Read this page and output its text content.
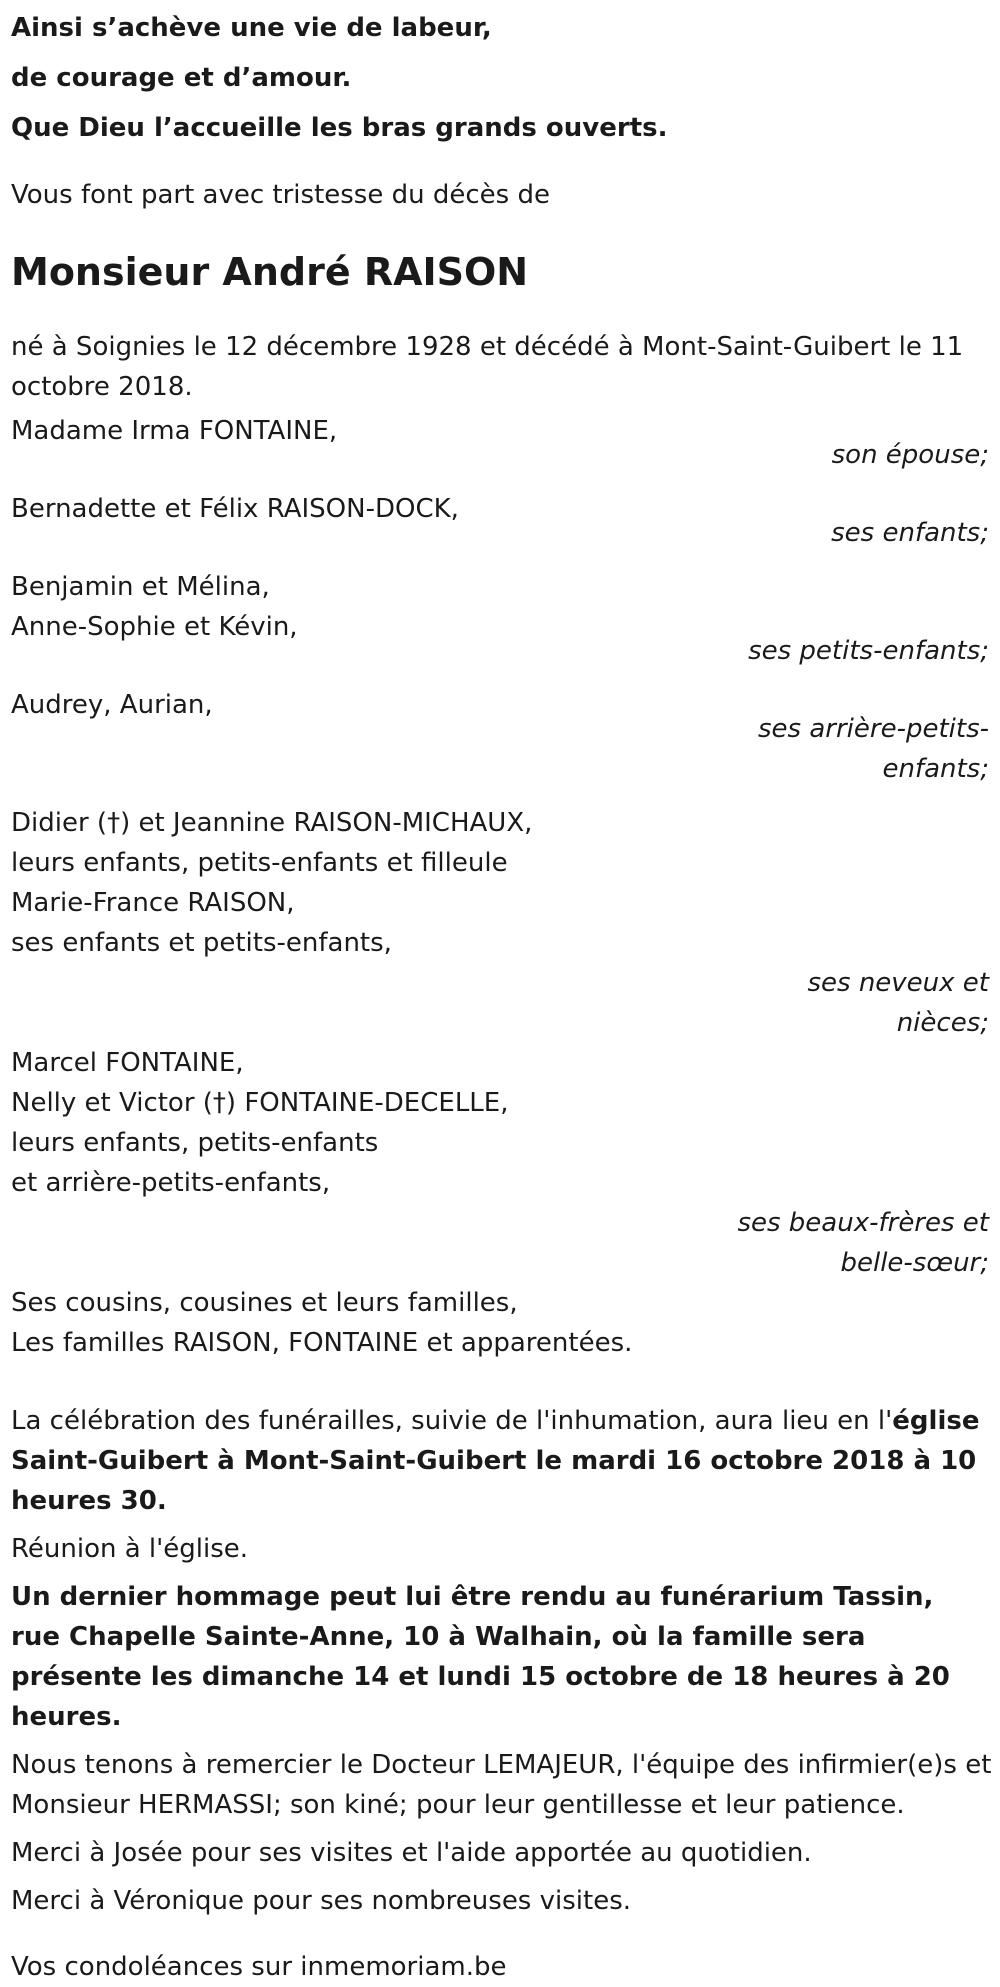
Ainsi s’achève une vie de labeur,

de courage et d’amour.

Que Dieu l’accueille les bras grands ouverts.

Vous font part avec tristesse du décès de

Monsieur André RAISON

né à Soignies le 12 décembre 1928 et décédé à Mont-Saint-Guibert le 11 octobre 2018.

Madame Irma FONTAINE,
son épouse;
Bernadette et Félix RAISON-DOCK,
ses enfants;
Benjamin et Mélina,
Anne-Sophie et Kévin,
ses petits-enfants;
Audrey, Aurian,
ses arrière-petits-
enfants;
Didier (†) et Jeannine RAISON-MICHAUX,
leurs enfants, petits-enfants et filleule
Marie-France RAISON,
ses enfants et petits-enfants,
ses neveux et
nièces;
Marcel FONTAINE,
Nelly et Victor (†) FONTAINE-DECELLE,
leurs enfants, petits-enfants
et arrière-petits-enfants,
ses beaux-frères et
belle-sœur;
Ses cousins, cousines et leurs familles,
Les familles RAISON, FONTAINE et apparentées.

La célébration des funérailles, suivie de l'inhumation, aura lieu en l'église Saint-Guibert à Mont-Saint-Guibert le mardi 16 octobre 2018 à 10 heures 30.

Réunion à l'église.

Un dernier hommage peut lui être rendu au funérarium Tassin, rue Chapelle Sainte-Anne, 10 à Walhain, où la famille sera présente les dimanche 14 et lundi 15 octobre de 18 heures à 20 heures.

Nous tenons à remercier le Docteur LEMAJEUR, l'équipe des infirmier(e)s et Monsieur HERMASSI; son kiné; pour leur gentillesse et leur patience.

Merci à Josée pour ses visites et l'aide apportée au quotidien.

Merci à Véronique pour ses nombreuses visites.

Vos condoléances sur inmemoriam.be
